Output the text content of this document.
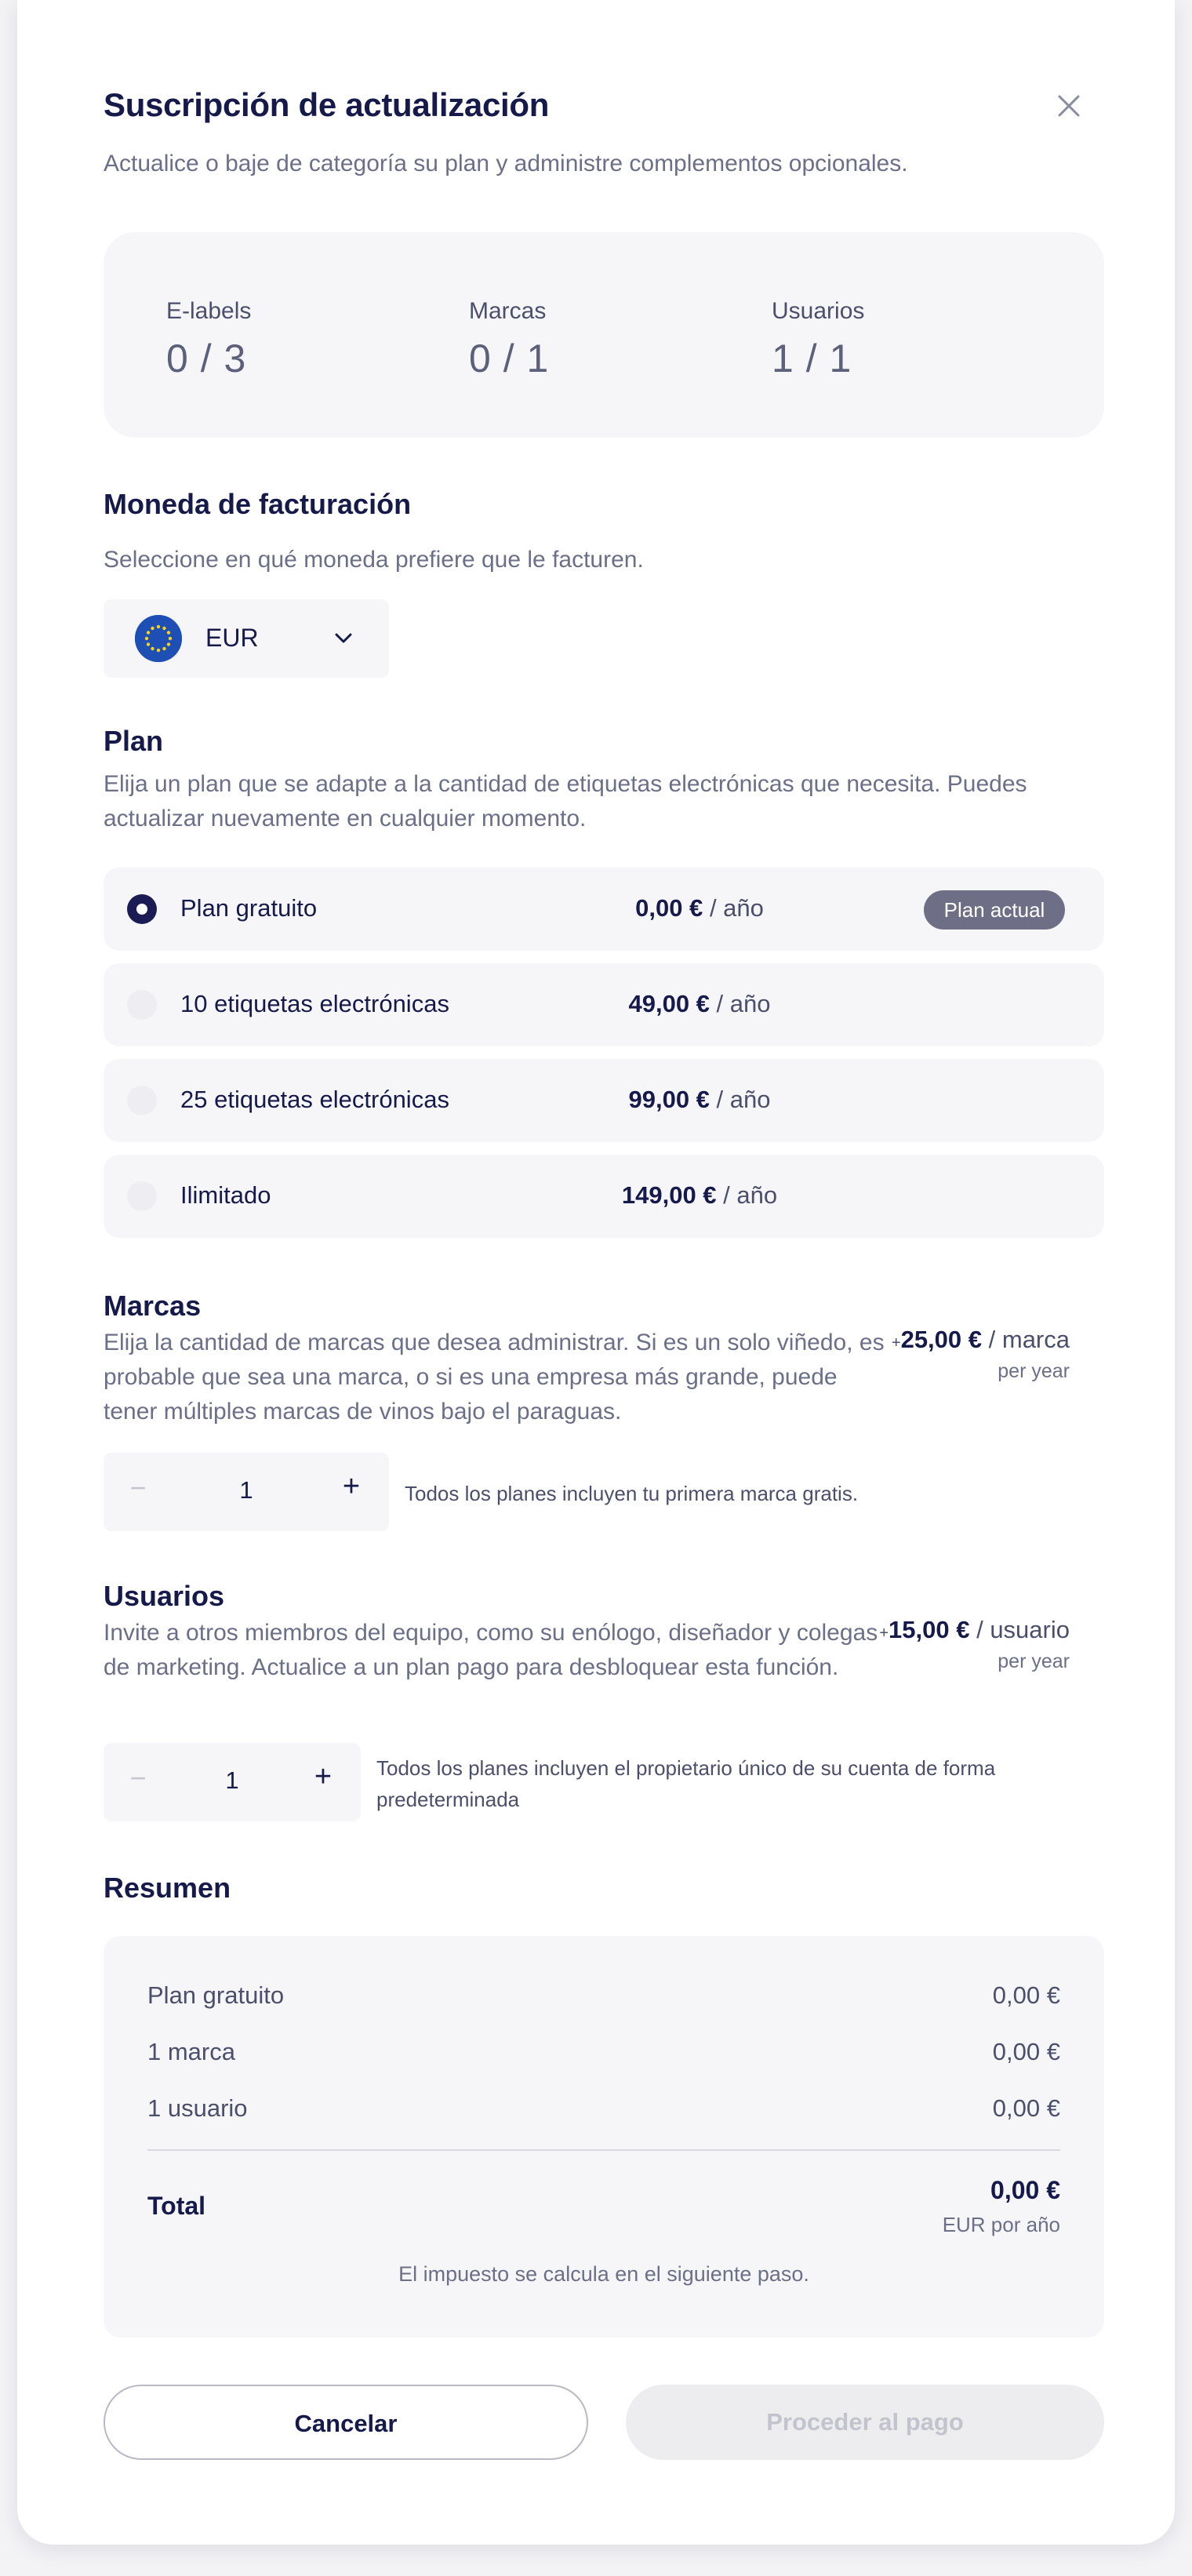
Suscripción de actualización
Actualice o baje de categoría su plan y administre complementos opcionales.
E-labels
0 / 3
Marcas
0 / 1
Usuarios
1 / 1
Moneda de facturación
Seleccione en qué moneda prefiere que le facturen.
EUR
Plan
Elija un plan que se adapte a la cantidad de etiquetas electrónicas que necesita. Puedes actualizar nuevamente en cualquier momento.
Plan gratuito	0,00 € / año	Plan actual
10 etiquetas electrónicas	49,00 € / año
25 etiquetas electrónicas	99,00 € / año
Ilimitado	149,00 € / año
Marcas
Elija la cantidad de marcas que desea administrar. Si es un solo viñedo, es probable que sea una marca, o si es una empresa más grande, puede tener múltiples marcas de vinos bajo el paraguas.
+25,00 € / marca
per year
−	1	+	Todos los planes incluyen tu primera marca gratis.
Usuarios
Invite a otros miembros del equipo, como su enólogo, diseñador y colegas de marketing. Actualice a un plan pago para desbloquear esta función.
+15,00 € / usuario
per year
−	1	+	Todos los planes incluyen el propietario único de su cuenta de forma predeterminada
Resumen
Plan gratuito	0,00 €
1 marca	0,00 €
1 usuario	0,00 €
Total
0,00 €
EUR por año
El impuesto se calcula en el siguiente paso.
Cancelar	Proceder al pago
